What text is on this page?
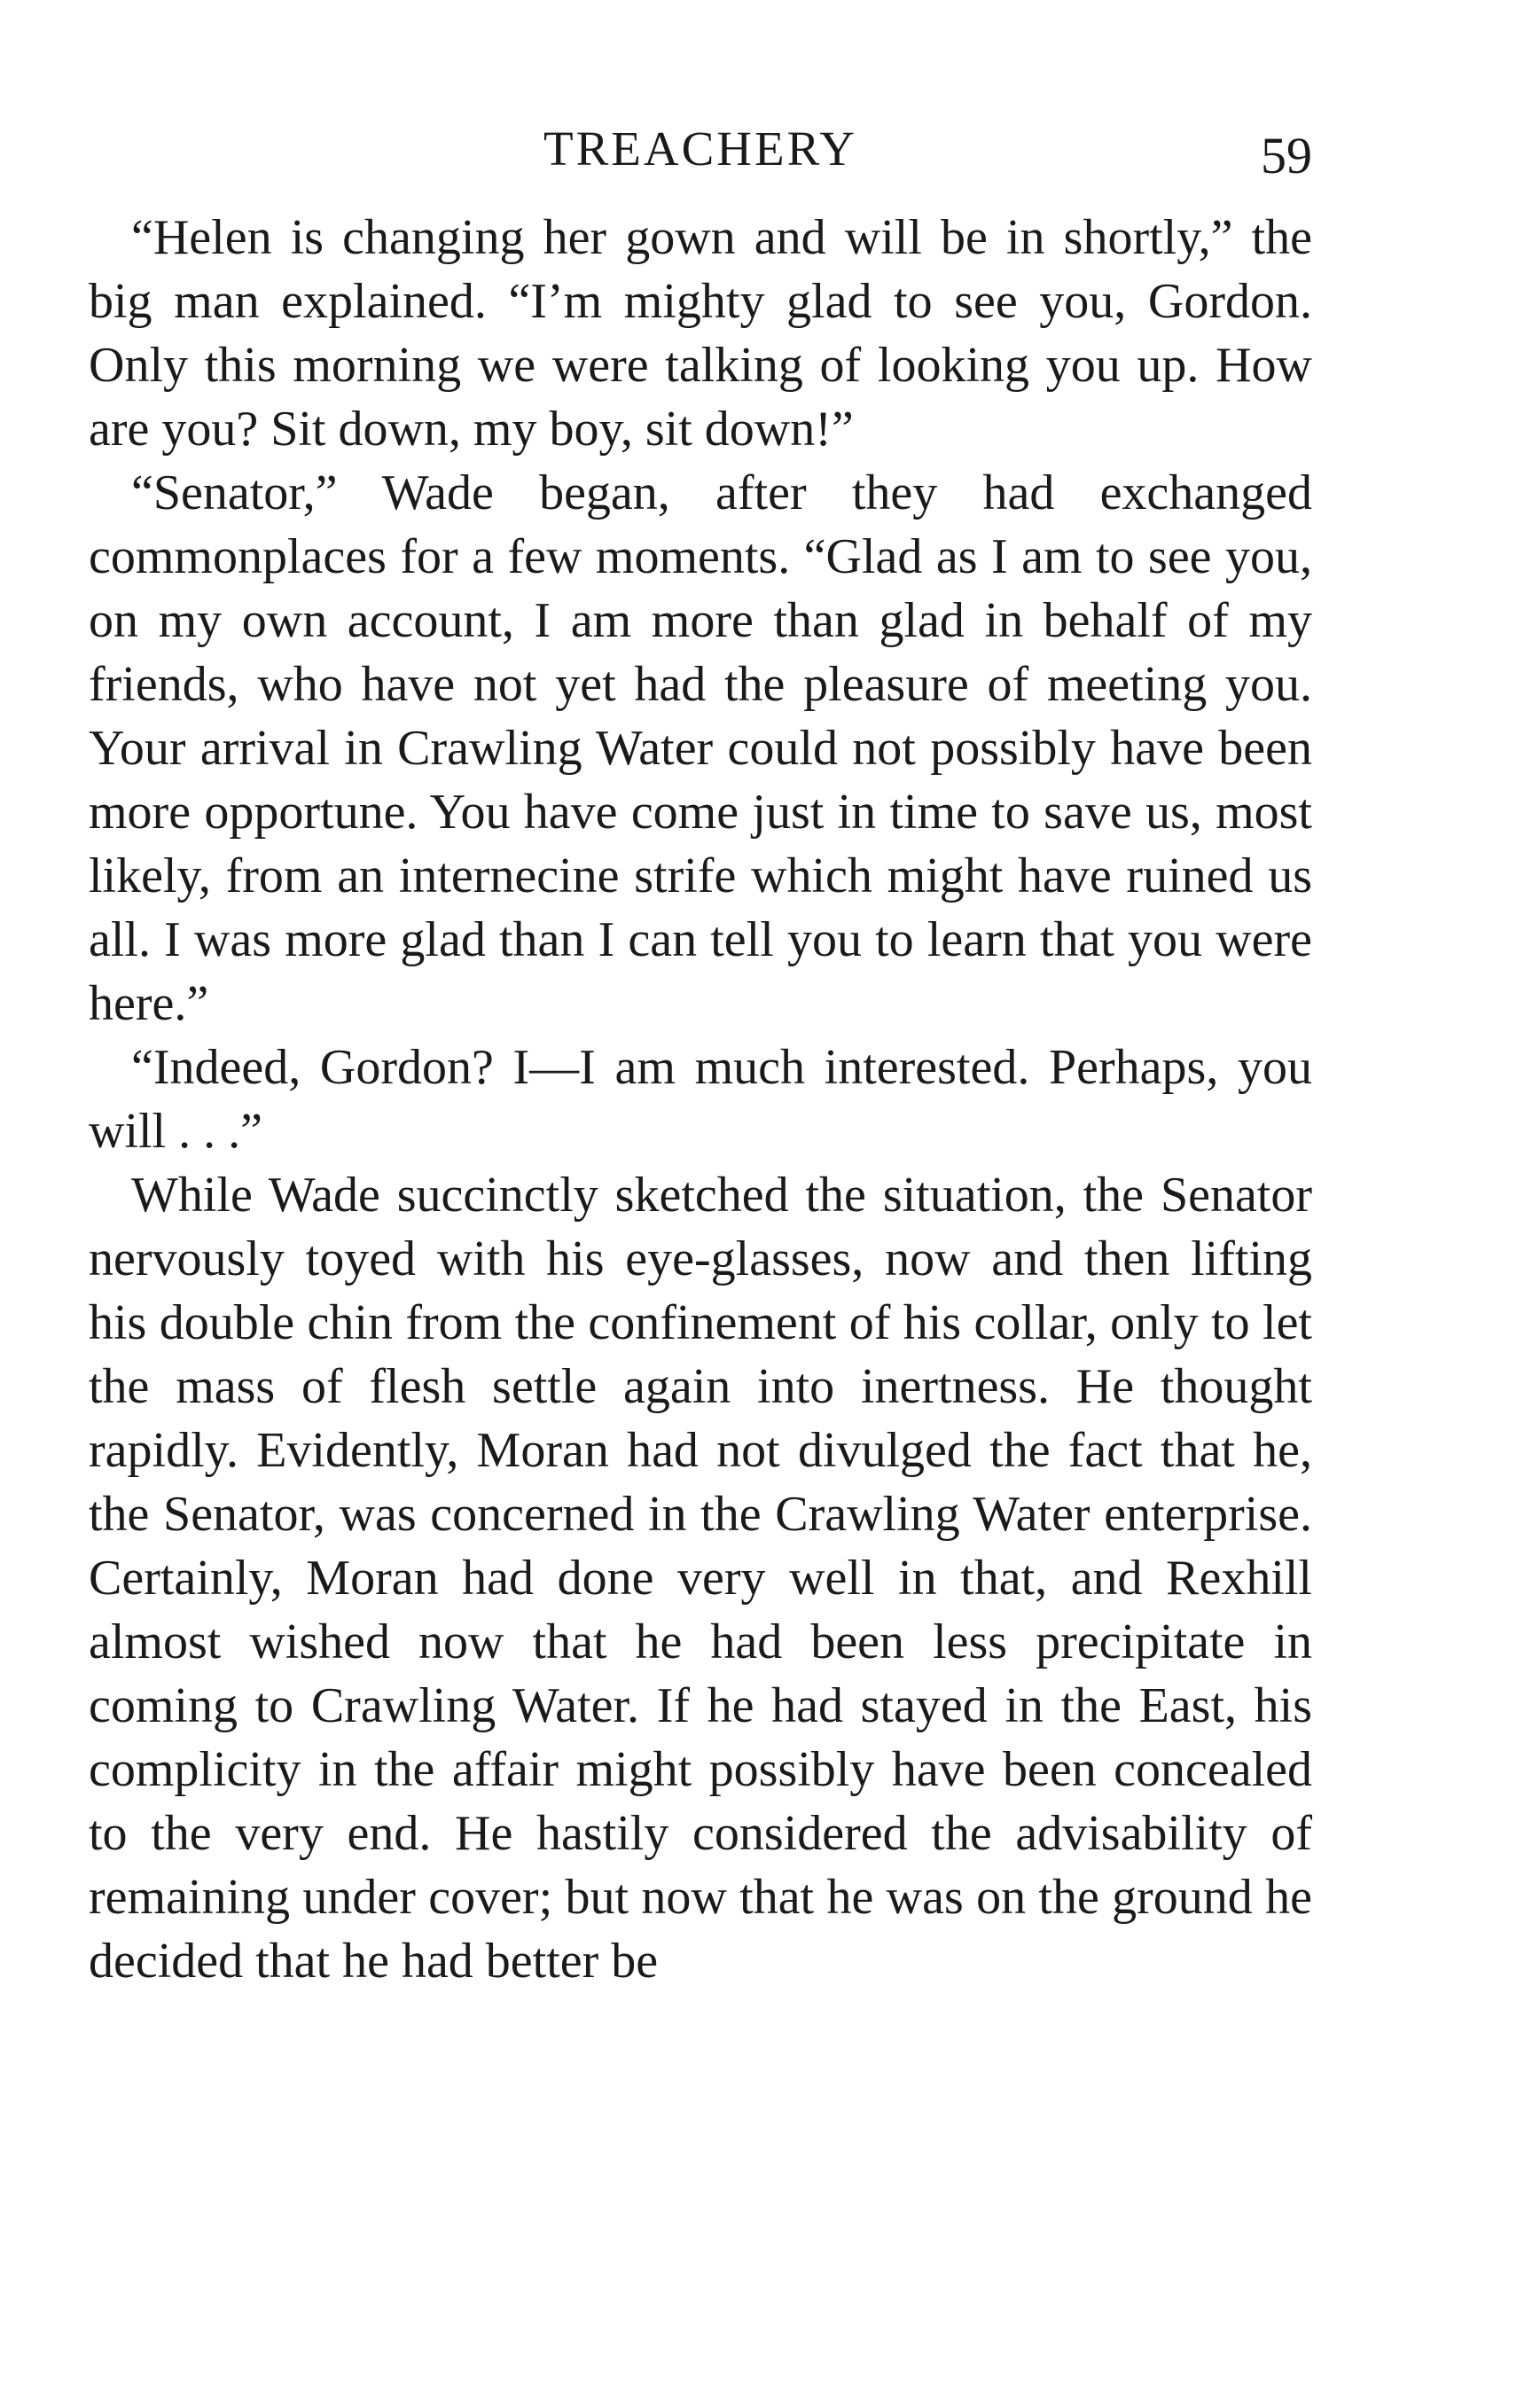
TREACHERY	59

“Helen is changing her gown and will be in shortly,” the big man explained. “I’m mighty glad to see you, Gordon. Only this morning we were talking of looking you up. How are you? Sit down, my boy, sit down!”

“Senator,” Wade began, after they had exchanged commonplaces for a few moments. “Glad as I am to see you, on my own account, I am more than glad in behalf of my friends, who have not yet had the pleasure of meeting you. Your arrival in Crawling Water could not possibly have been more opportune. You have come just in time to save us, most likely, from an internecine strife which might have ruined us all. I was more glad than I can tell you to learn that you were here.”

“Indeed, Gordon? I—I am much interested. Perhaps, you will . . .”

While Wade succinctly sketched the situation, the Senator nervously toyed with his eye-glasses, now and then lifting his double chin from the confinement of his collar, only to let the mass of flesh settle again into inertness. He thought rapidly. Evidently, Moran had not divulged the fact that he, the Senator, was concerned in the Crawling Water enterprise. Certainly, Moran had done very well in that, and Rexhill almost wished now that he had been less precipitate in coming to Crawling Water. If he had stayed in the East, his complicity in the affair might possibly have been concealed to the very end. He hastily considered the advisability of remaining under cover; but now that he was on the ground he decided that he had better be
